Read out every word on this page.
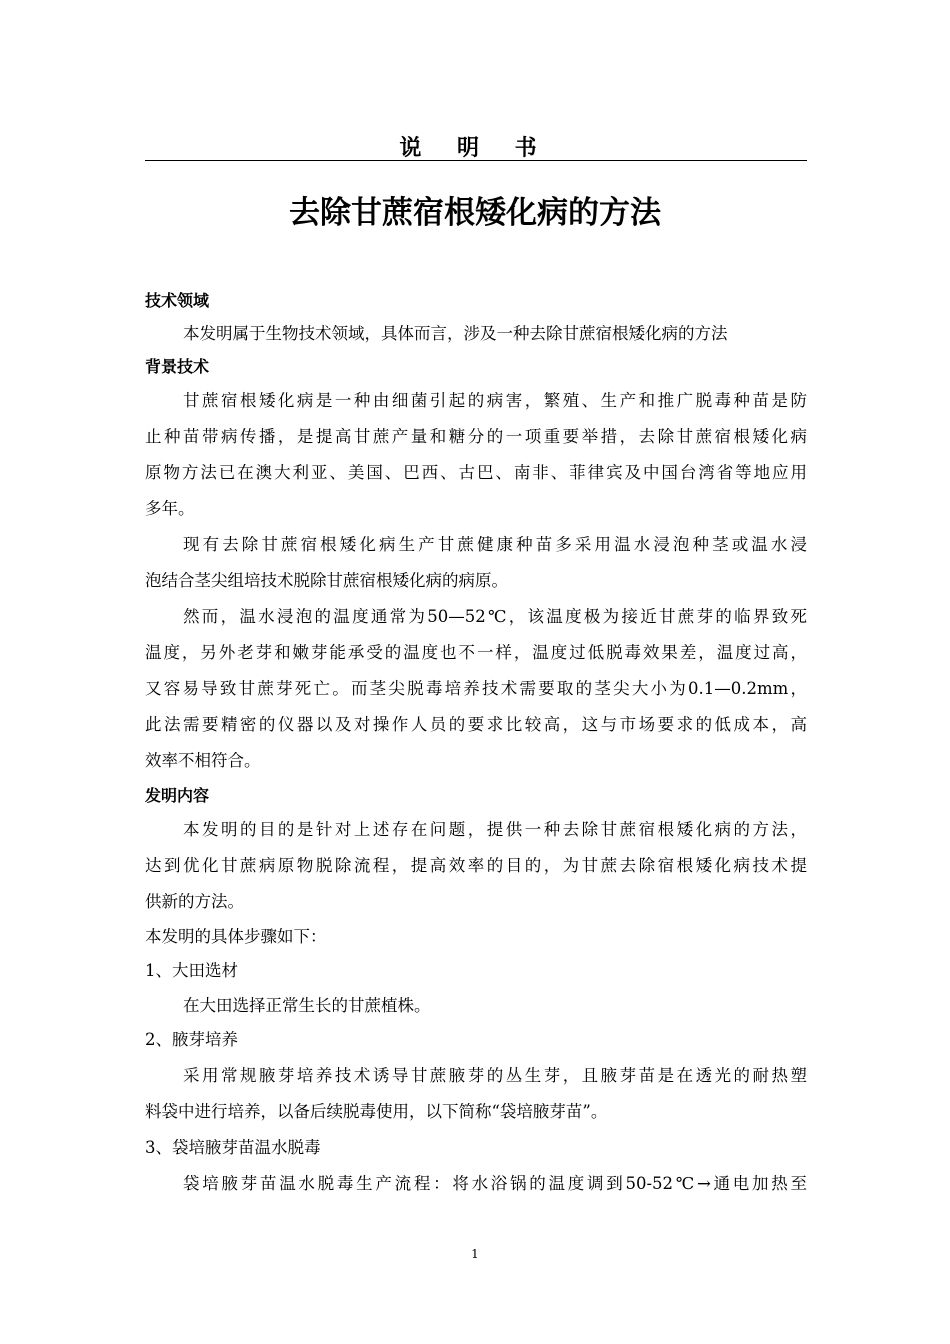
说 明 书
去除甘蔗宿根矮化病的方法
技术领域
本发明属于生物技术领域，具体而言，涉及一种去除甘蔗宿根矮化病的方法
背景技术
甘蔗宿根矮化病是一种由细菌引起的病害，繁殖、生产和推广脱毒种苗是防
止种苗带病传播，是提高甘蔗产量和糖分的一项重要举措，去除甘蔗宿根矮化病
原物方法已在澳大利亚、美国、巴西、古巴、南非、菲律宾及中国台湾省等地应用
多年。
现有去除甘蔗宿根矮化病生产甘蔗健康种苗多采用温水浸泡种茎或温水浸
泡结合茎尖组培技术脱除甘蔗宿根矮化病的病原。
然而，温水浸泡的温度通常为50—52℃，该温度极为接近甘蔗芽的临界致死
温度，另外老芽和嫩芽能承受的温度也不一样，温度过低脱毒效果差，温度过高，
又容易导致甘蔗芽死亡。而茎尖脱毒培养技术需要取的茎尖大小为0.1—0.2mm，
此法需要精密的仪器以及对操作人员的要求比较高，这与市场要求的低成本，高
效率不相符合。
发明内容
本发明的目的是针对上述存在问题，提供一种去除甘蔗宿根矮化病的方法，
达到优化甘蔗病原物脱除流程，提高效率的目的，为甘蔗去除宿根矮化病技术提
供新的方法。
本发明的具体步骤如下：
1、大田选材
在大田选择正常生长的甘蔗植株。
2、腋芽培养
采用常规腋芽培养技术诱导甘蔗腋芽的丛生芽，且腋芽苗是在透光的耐热塑
料袋中进行培养，以备后续脱毒使用，以下简称“袋培腋芽苗”。
3、袋培腋芽苗温水脱毒
袋培腋芽苗温水脱毒生产流程：将水浴锅的温度调到50-52℃→通电加热至
1
